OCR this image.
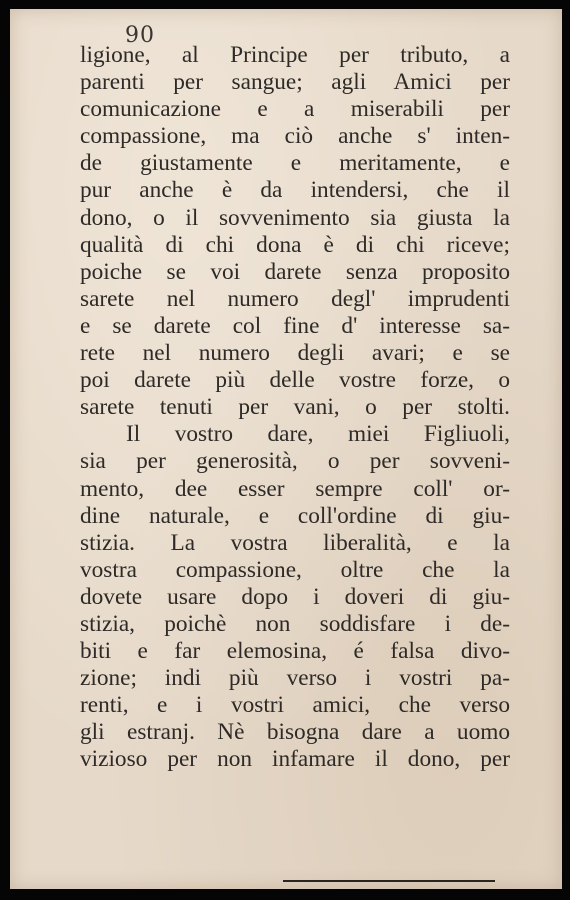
90
ligione, al Principe per tributo, a
parenti per sangue; agli Amici per
comunicazione e a miserabili per
compassione, ma ciò anche s' inten-
de giustamente e meritamente, e
pur anche è da intendersi, che il
dono, o il sovvenimento sia giusta la
qualità di chi dona è di chi riceve;
poiche se voi darete senza proposito
sarete nel numero degl' imprudenti
e se darete col fine d' interesse sa-
rete nel numero degli avari; e se
poi darete più delle vostre forze, o
sarete tenuti per vani, o per stolti.
Il vostro dare, miei Figliuoli,
sia per generosità, o per sovveni-
mento, dee esser sempre coll' or-
dine naturale, e coll'ordine di giu-
stizia. La vostra liberalità, e la
vostra compassione, oltre che la
dovete usare dopo i doveri di giu-
stizia, poichè non soddisfare i de-
biti e far elemosina, é falsa divo-
zione; indi più verso i vostri pa-
renti, e i vostri amici, che verso
gli estranj. Nè bisogna dare a uomo
vizioso per non infamare il dono, per
